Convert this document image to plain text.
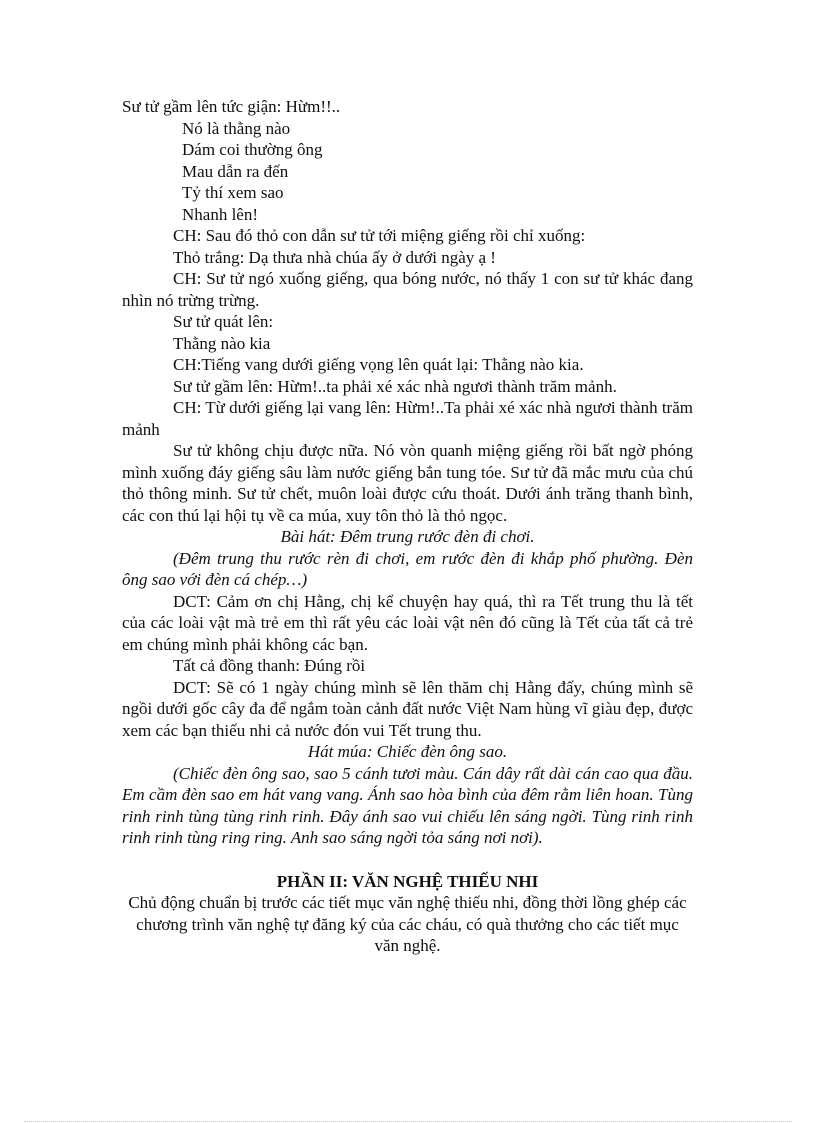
Sư tử gầm lên tức giận: Hừm!!..

Nó là thằng nào

Dám coi thường ông

Mau dẫn ra đến

Tỷ thí xem sao

Nhanh lên!

CH: Sau đó thỏ con dẫn sư tử tới miệng giếng rồi chỉ xuống:

Thỏ trắng: Dạ thưa nhà chúa ấy ở dưới ngày ạ !

CH: Sư tử ngó xuống giếng, qua bóng nước, nó thấy 1 con sư tử khác đang nhìn nó trừng trừng.

Sư tử quát lên:

Thằng nào kia

CH:Tiếng vang dưới giếng vọng lên quát lại: Thằng nào kia.

Sư tử gầm lên: Hừm!..ta phải xé xác nhà ngươi thành trăm mảnh.

CH: Từ dưới giếng lại vang lên: Hừm!..Ta phải xé xác nhà ngươi thành trăm mảnh

Sư tử không chịu được nữa. Nó vòn quanh miệng giếng rồi bất ngờ phóng mình xuống đáy giếng sâu làm nước giếng bắn tung tóe. Sư tử đã mắc mưu của chú thỏ thông minh. Sư tử chết, muôn loài được cứu thoát. Dưới ánh trăng thanh bình, các con thú lại hội tụ về ca múa, xuy tôn thỏ là thỏ ngọc.

Bài hát: Đêm trung rước đèn đi chơi.

(Đêm trung thu rước rèn đi chơi, em rước đèn đi khắp phố phường. Đèn ông sao với đèn cá chép…)

DCT: Cảm ơn chị Hằng, chị kể chuyện hay quá, thì ra Tết trung thu là tết của các loài vật mà trẻ em thì rất yêu các loài vật nên đó cũng là Tết của tất cả trẻ em chúng mình phải không các bạn.

Tất cả đồng thanh: Đúng rồi

DCT: Sẽ có 1 ngày chúng mình sẽ lên thăm chị Hằng đấy, chúng mình sẽ ngồi dưới gốc cây đa để ngắm toàn cảnh đất nước Việt Nam hùng vĩ giàu đẹp, được xem các bạn thiếu nhi cả nước đón vui Tết trung thu.

Hát múa: Chiếc đèn ông sao.

(Chiếc đèn ông sao, sao 5 cánh tươi màu. Cán dây rất dài cán cao qua đầu. Em cầm đèn sao em hát vang vang. Ánh sao hòa bình của đêm rằm liên hoan. Tùng rinh rinh tùng tùng rinh rinh. Đây ánh sao vui chiếu lên sáng ngời. Tùng rinh rinh rinh rinh tùng ring ring. Anh sao sáng ngời tỏa sáng nơi nơi).

PHẦN II: VĂN NGHỆ THIẾU NHI

Chủ động chuẩn bị trước các tiết mục văn nghệ thiếu nhi, đồng thời lồng ghép các chương trình văn nghệ tự đăng ký của các cháu, có quà thưởng cho các tiết mục văn nghệ.
